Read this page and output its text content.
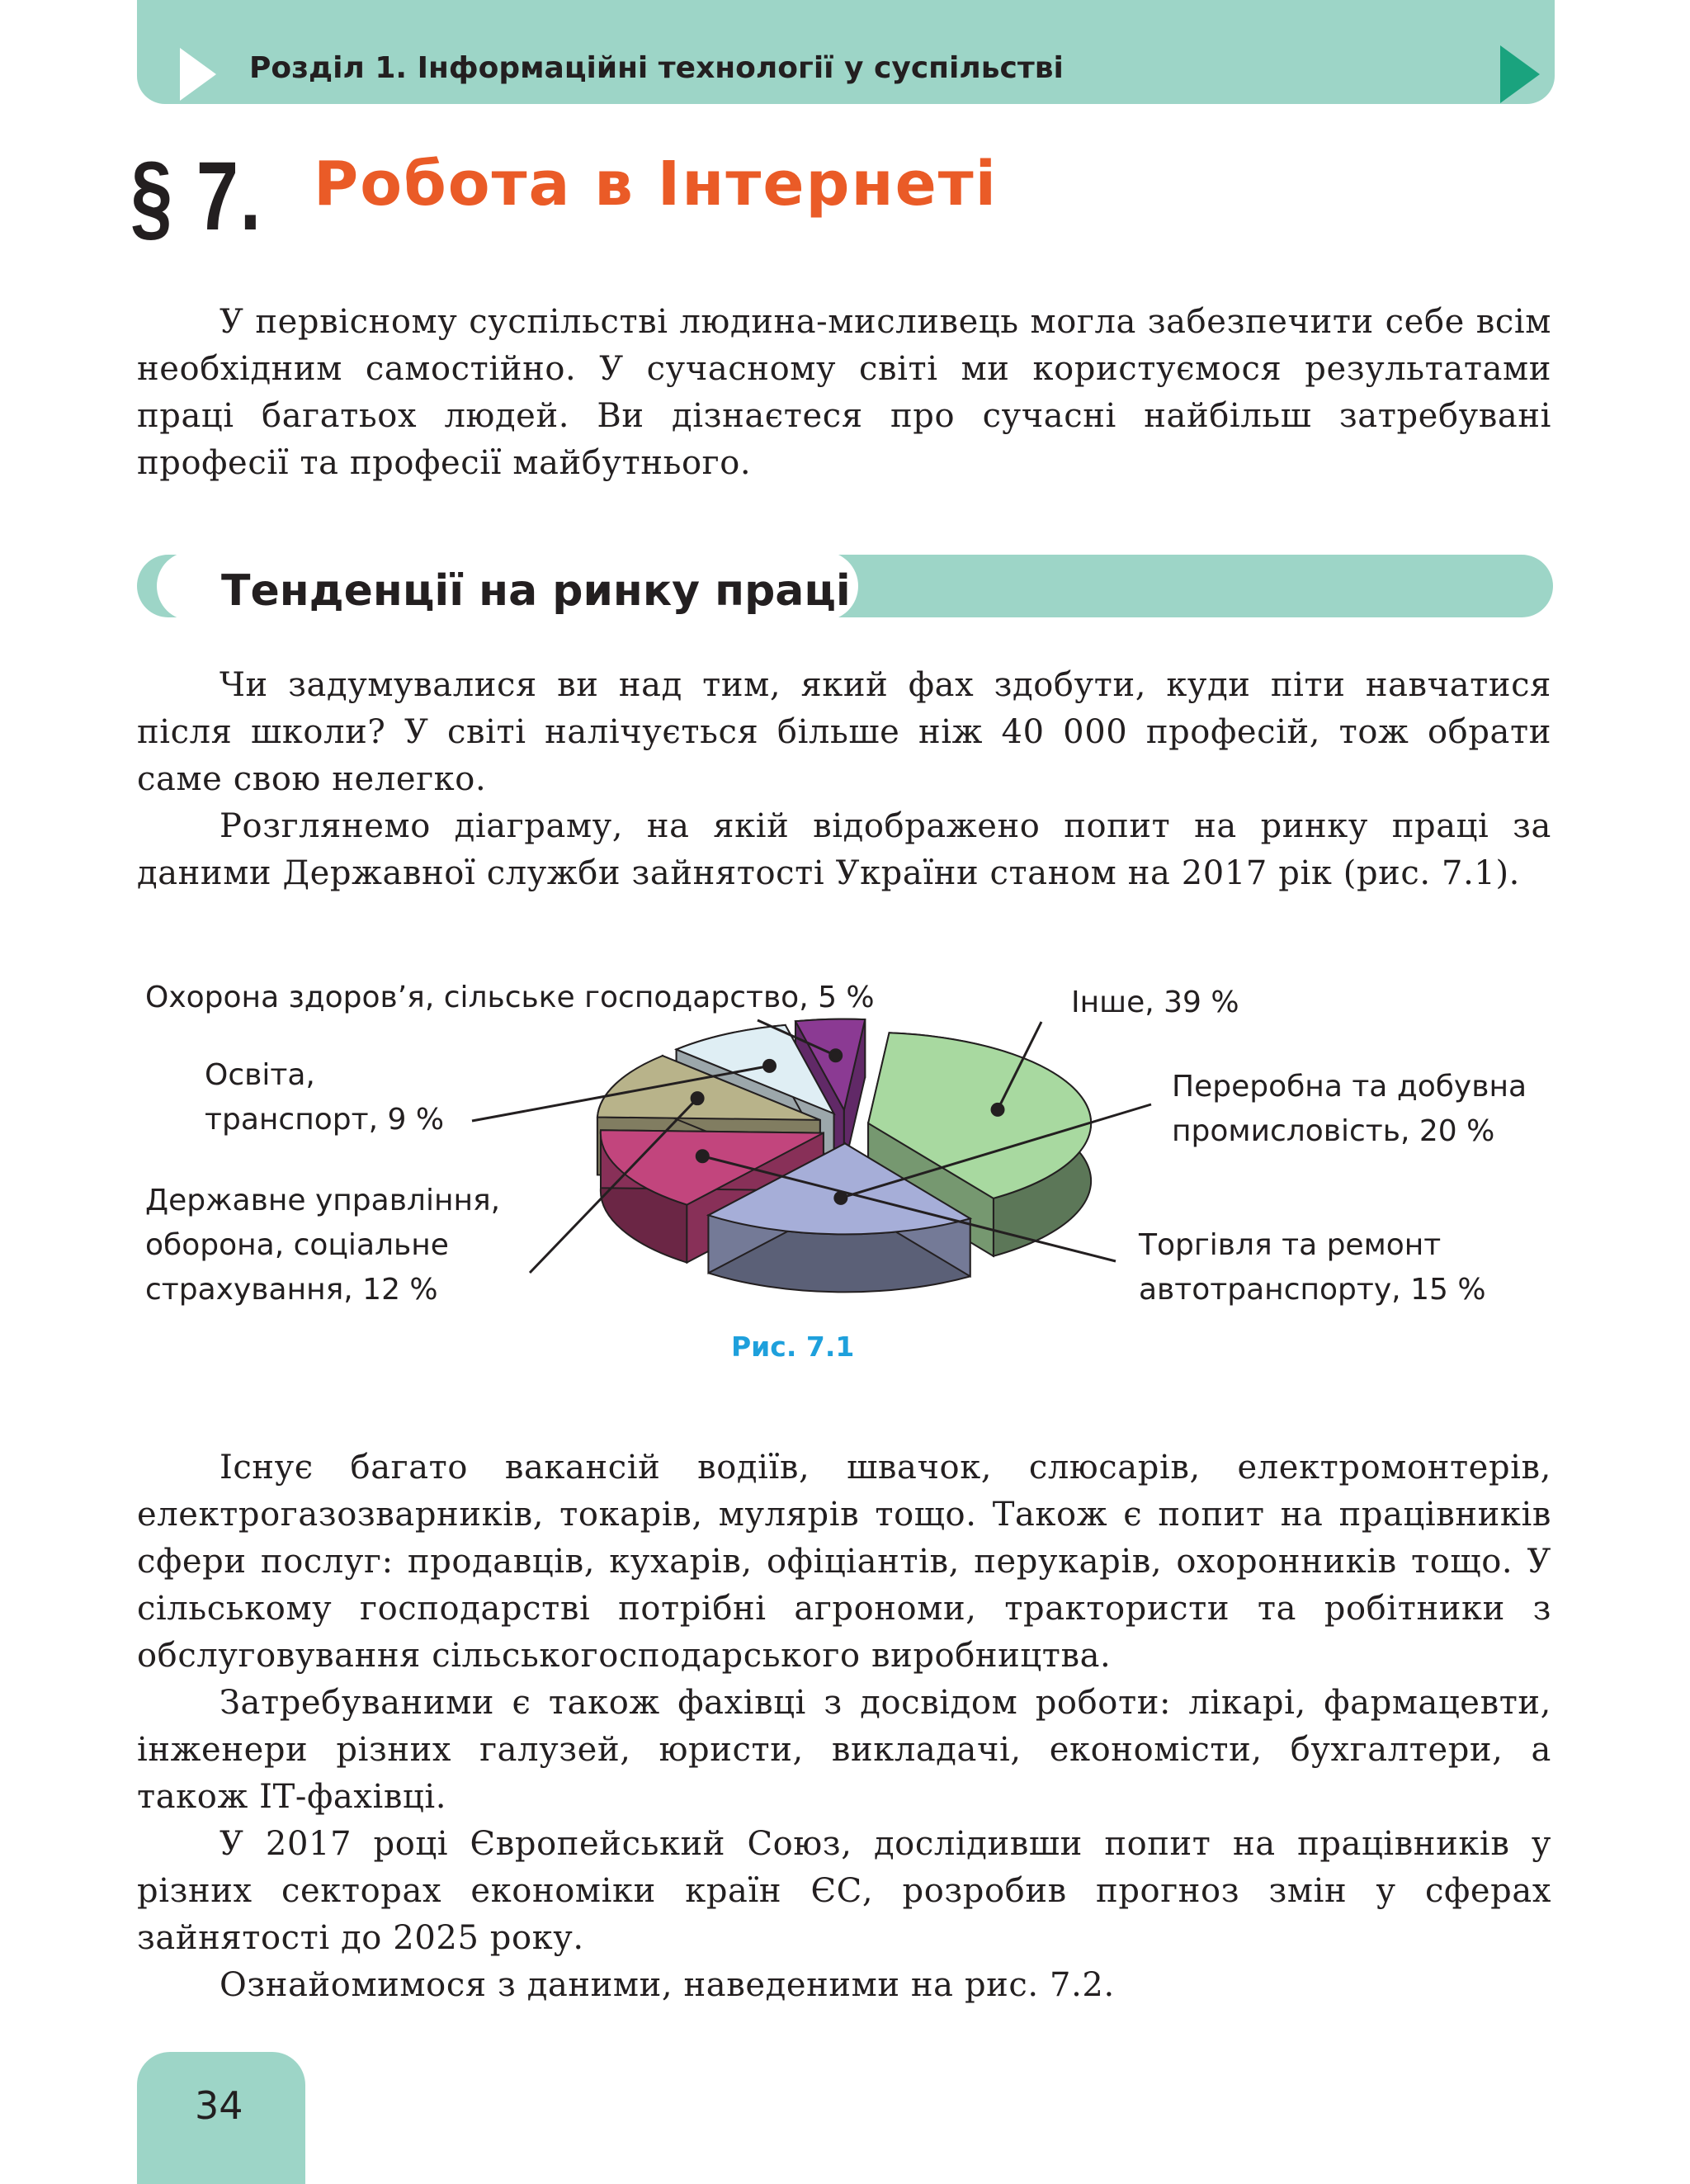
Розділ 1. Інформаційні технології у суспільстві
§ 7. Робота в Інтернеті

У первісному суспільстві людина-мисливець могла забезпечити себе всім необхідним самостійно. У сучасному світі ми користуємося результатами праці багатьох людей. Ви дізнаєтеся про сучасні найбільш затребувані професії та професії майбутнього.

Тенденції на ринку праці

Чи задумувалися ви над тим, який фах здобути, куди піти навчатися після школи? У світі налічується більше ніж 40 000 професій, тож обрати саме свою нелегко.

Розглянемо діаграму, на якій відображено попит на ринку праці за даними Державної служби зайнятості України станом на 2017 рік (рис. 7.1).

Охорона здоров’я, сільське господарство, 5 %	Інше, 39 %
Освіта,
транспорт, 9 %
Переробна та добувна
промисловість, 20 %
Державне управління,
оборона, соціальне
страхування, 12 %
Торгівля та ремонт
автотранспорту, 15 %
Рис. 7.1

Існує багато вакансій водіїв, швачок, слюсарів, електромонтерів, електрогазозварників, токарів, мулярів тощо. Також є попит на працівників сфери послуг: продавців, кухарів, офіціантів, перукарів, охоронників тощо. У сільському господарстві потрібні агрономи, трактористи та робітники з обслуговування сільськогосподарського виробництва.

Затребуваними є також фахівці з досвідом роботи: лікарі, фармацевти, інженери різних галузей, юристи, викладачі, економісти, бухгалтери, а також ІТ-фахівці.

У 2017 році Європейський Союз, дослідивши попит на працівників у різних секторах економіки країн ЄС, розробив прогноз змін у сферах зайнятості до 2025 року.

Ознайомимося з даними, наведеними на рис. 7.2.

34
